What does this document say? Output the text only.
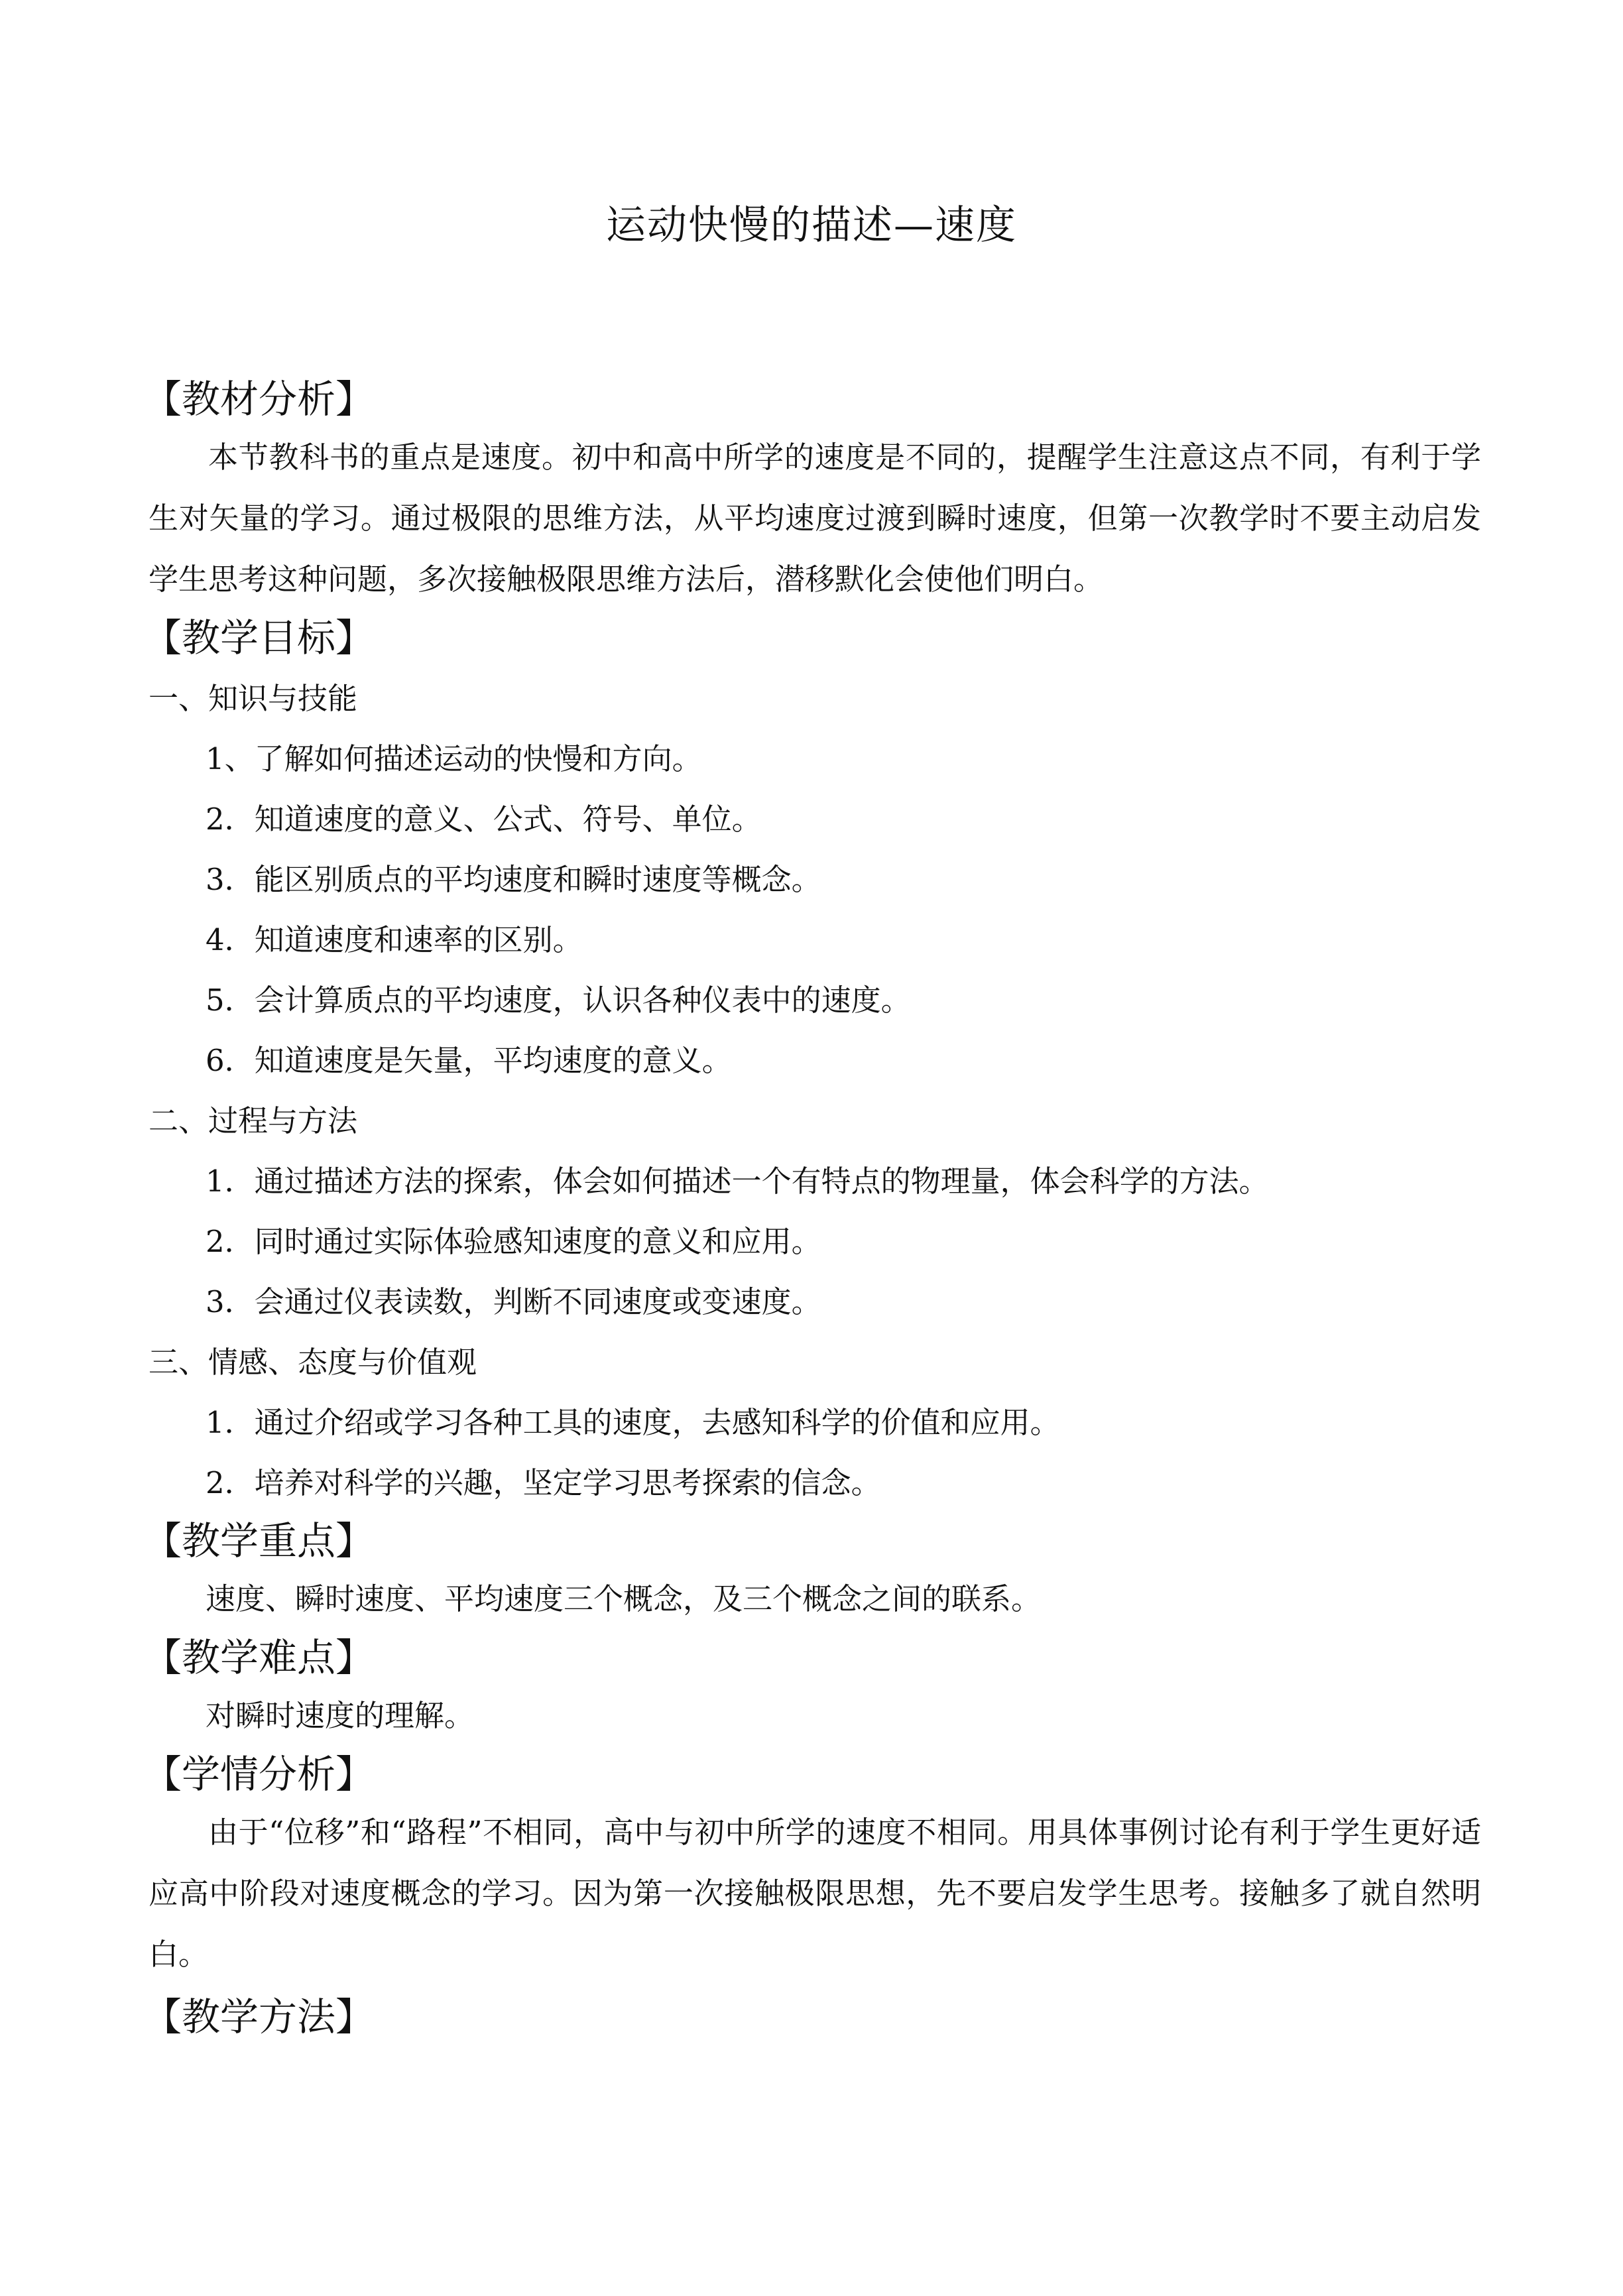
运动快慢的描述—速度
【教材分析】

本节教科书的重点是速度。初中和高中所学的速度是不同的，提醒学生注意这点不同，有利于学生对矢量的学习。通过极限的思维方法，从平均速度过渡到瞬时速度，但第一次教学时不要主动启发学生思考这种问题，多次接触极限思维方法后，潜移默化会使他们明白。

【教学目标】
一、知识与技能
1、了解如何描述运动的快慢和方向。
2．知道速度的意义、公式、符号、单位。
3．能区别质点的平均速度和瞬时速度等概念。
4．知道速度和速率的区别。
5．会计算质点的平均速度，认识各种仪表中的速度。
6．知道速度是矢量，平均速度的意义。
二、过程与方法
1．通过描述方法的探索，体会如何描述一个有特点的物理量，体会科学的方法。
2．同时通过实际体验感知速度的意义和应用。
3．会通过仪表读数，判断不同速度或变速度。
三、情感、态度与价值观
1．通过介绍或学习各种工具的速度，去感知科学的价值和应用。
2．培养对科学的兴趣，坚定学习思考探索的信念。
【教学重点】
速度、瞬时速度、平均速度三个概念，及三个概念之间的联系。
【教学难点】
对瞬时速度的理解。
【学情分析】

由于“位移”和“路程”不相同，高中与初中所学的速度不相同。用具体事例讨论有利于学生更好适应高中阶段对速度概念的学习。因为第一次接触极限思想，先不要启发学生思考。接触多了就自然明白。

【教学方法】
